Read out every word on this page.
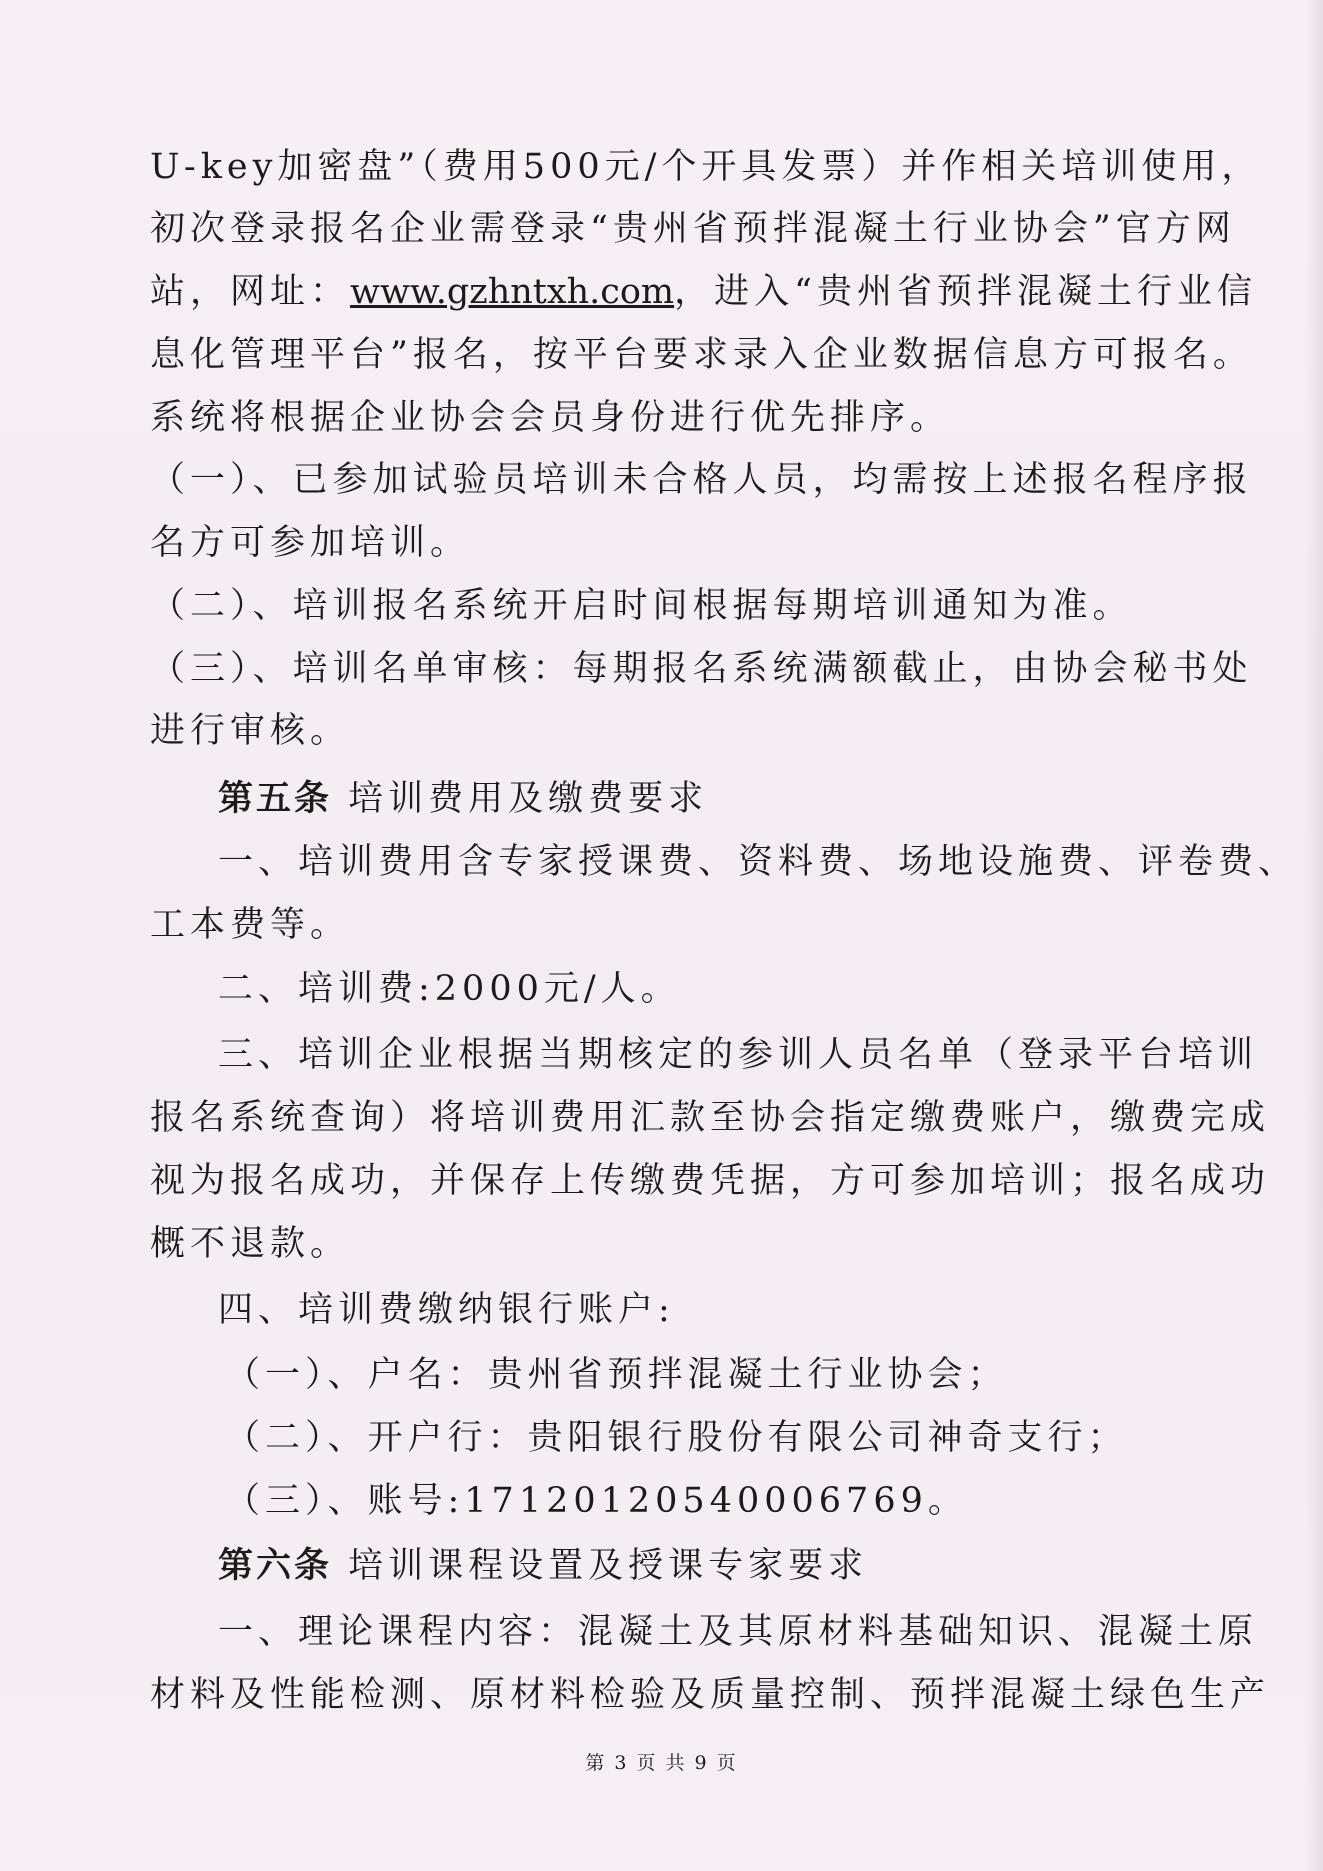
U-key加密盘”（费用500元/个开具发票）并作相关培训使用，
初次登录报名企业需登录“贵州省预拌混凝土行业协会”官方网
站，网址：www.gzhntxh.com，进入“贵州省预拌混凝土行业信
息化管理平台”报名，按平台要求录入企业数据信息方可报名。
系统将根据企业协会会员身份进行优先排序。
（一）、已参加试验员培训未合格人员，均需按上述报名程序报
名方可参加培训。
（二）、培训报名系统开启时间根据每期培训通知为准。
（三）、培训名单审核：每期报名系统满额截止，由协会秘书处
进行审核。
第五条 培训费用及缴费要求
一、培训费用含专家授课费、资料费、场地设施费、评卷费、
工本费等。
二、培训费:2000元/人。
三、培训企业根据当期核定的参训人员名单（登录平台培训
报名系统查询）将培训费用汇款至协会指定缴费账户，缴费完成
视为报名成功，并保存上传缴费凭据，方可参加培训；报名成功
概不退款。
四、培训费缴纳银行账户:
（一）、户名：贵州省预拌混凝土行业协会；
（二）、开户行：贵阳银行股份有限公司神奇支行；
（三）、账号:17120120540006769。
第六条 培训课程设置及授课专家要求
一、理论课程内容：混凝土及其原材料基础知识、混凝土原
材料及性能检测、原材料检验及质量控制、预拌混凝土绿色生产
第 3 页 共 9 页
